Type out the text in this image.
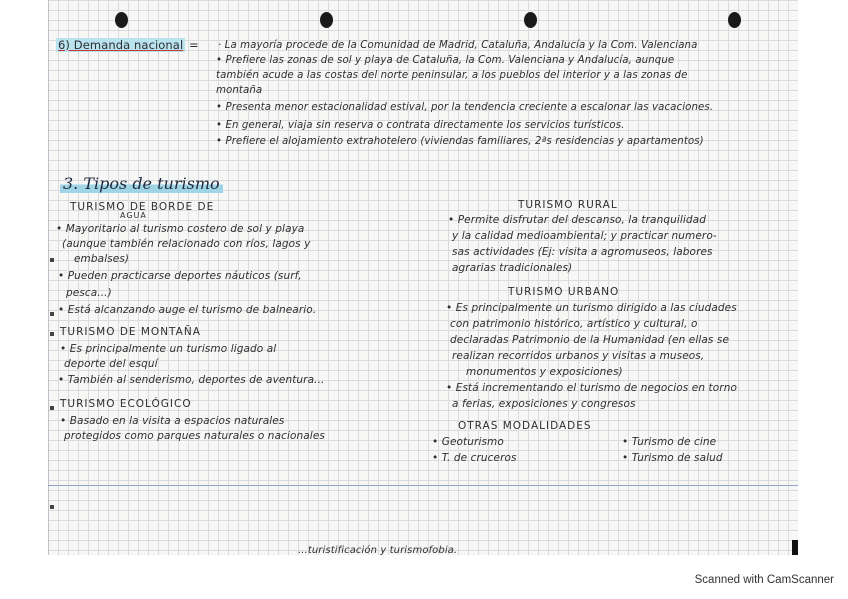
6) Demanda nacional = · La mayoría procede de la Comunidad de Madrid, Cataluña, Andalucía y la Com. Valenciana
• Prefiere las zonas de sol y playa de Cataluña, la Com. Valenciana y Andalucía, aunque
también acude a las costas del norte peninsular, a los pueblos del interior y a las zonas de
montaña
• Presenta menor estacionalidad estival, por la tendencia creciente a escalonar las vacaciones.
• En general, viaja sin reserva o contrata directamente los servicios turísticos.
• Prefiere el alojamiento extrahotelero (viviendas familiares, 2ªs residencias y apartamentos)
3. Tipos de turismo
TURISMO DE BORDE DE
AGUA
• Mayoritario al turismo costero de sol y playa
(aunque también relacionado con ríos, lagos y
embalses)
• Pueden practicarse deportes náuticos (surf,
pesca...)
• Está alcanzando auge el turismo de balneario.
TURISMO DE MONTAÑA
• Es principalmente un turismo ligado al
deporte del esquí
• También al senderismo, deportes de aventura...
TURISMO ECOLÓGICO
• Basado en la visita a espacios naturales
protegidos como parques naturales o nacionales
TURISMO RURAL
• Permite disfrutar del descanso, la tranquilidad
y la calidad medioambiental; y practicar numero-
sas actividades (Ej: visita a agromuseos, labores
agrarias tradicionales)
TURISMO URBANO
• Es principalmente un turismo dirigido a las ciudades
con patrimonio histórico, artístico y cultural, o
declaradas Patrimonio de la Humanidad (en ellas se
realizan recorridos urbanos y visitas a museos,
monumentos y exposiciones)
• Está incrementando el turismo de negocios en torno
a ferias, exposiciones y congresos
OTRAS MODALIDADES
• Geoturismo
• T. de cruceros
• Turismo de cine
• Turismo de salud
...turistificación y turismofobia.
Scanned with CamScanner
